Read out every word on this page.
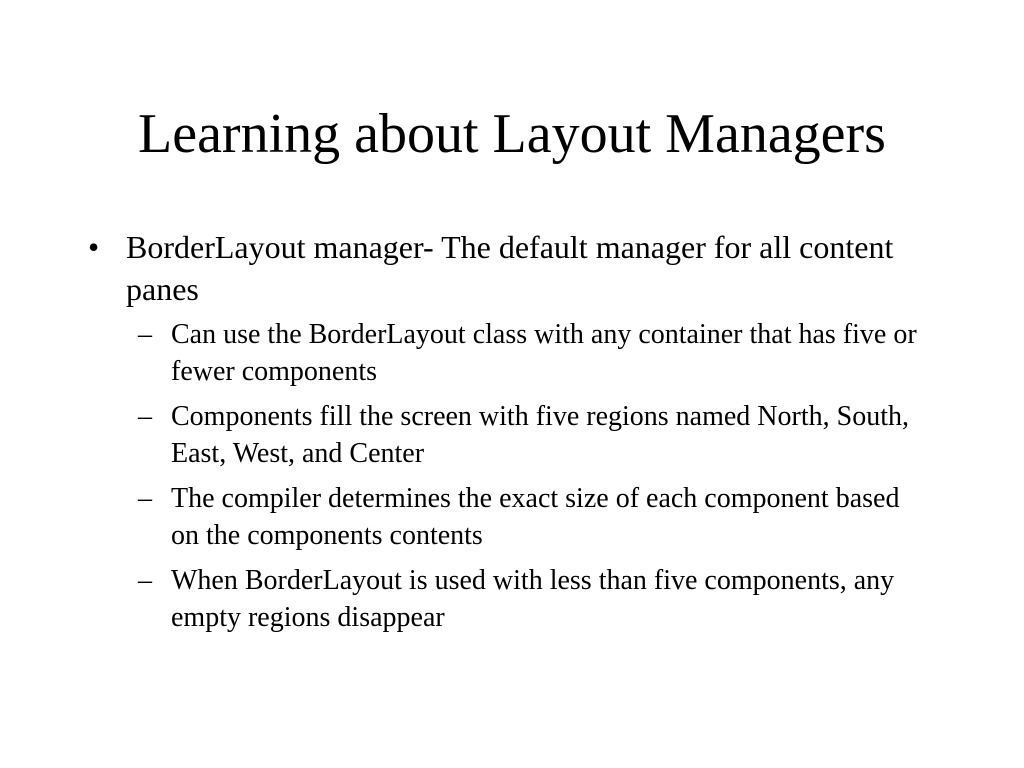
Learning about Layout Managers
• BorderLayout manager- The default manager for all content panes
– Can use the BorderLayout class with any container that has five or fewer components
– Components fill the screen with five regions named North, South, East, West, and Center
– The compiler determines the exact size of each component based on the components contents
– When BorderLayout is used with less than five components, any empty regions disappear
